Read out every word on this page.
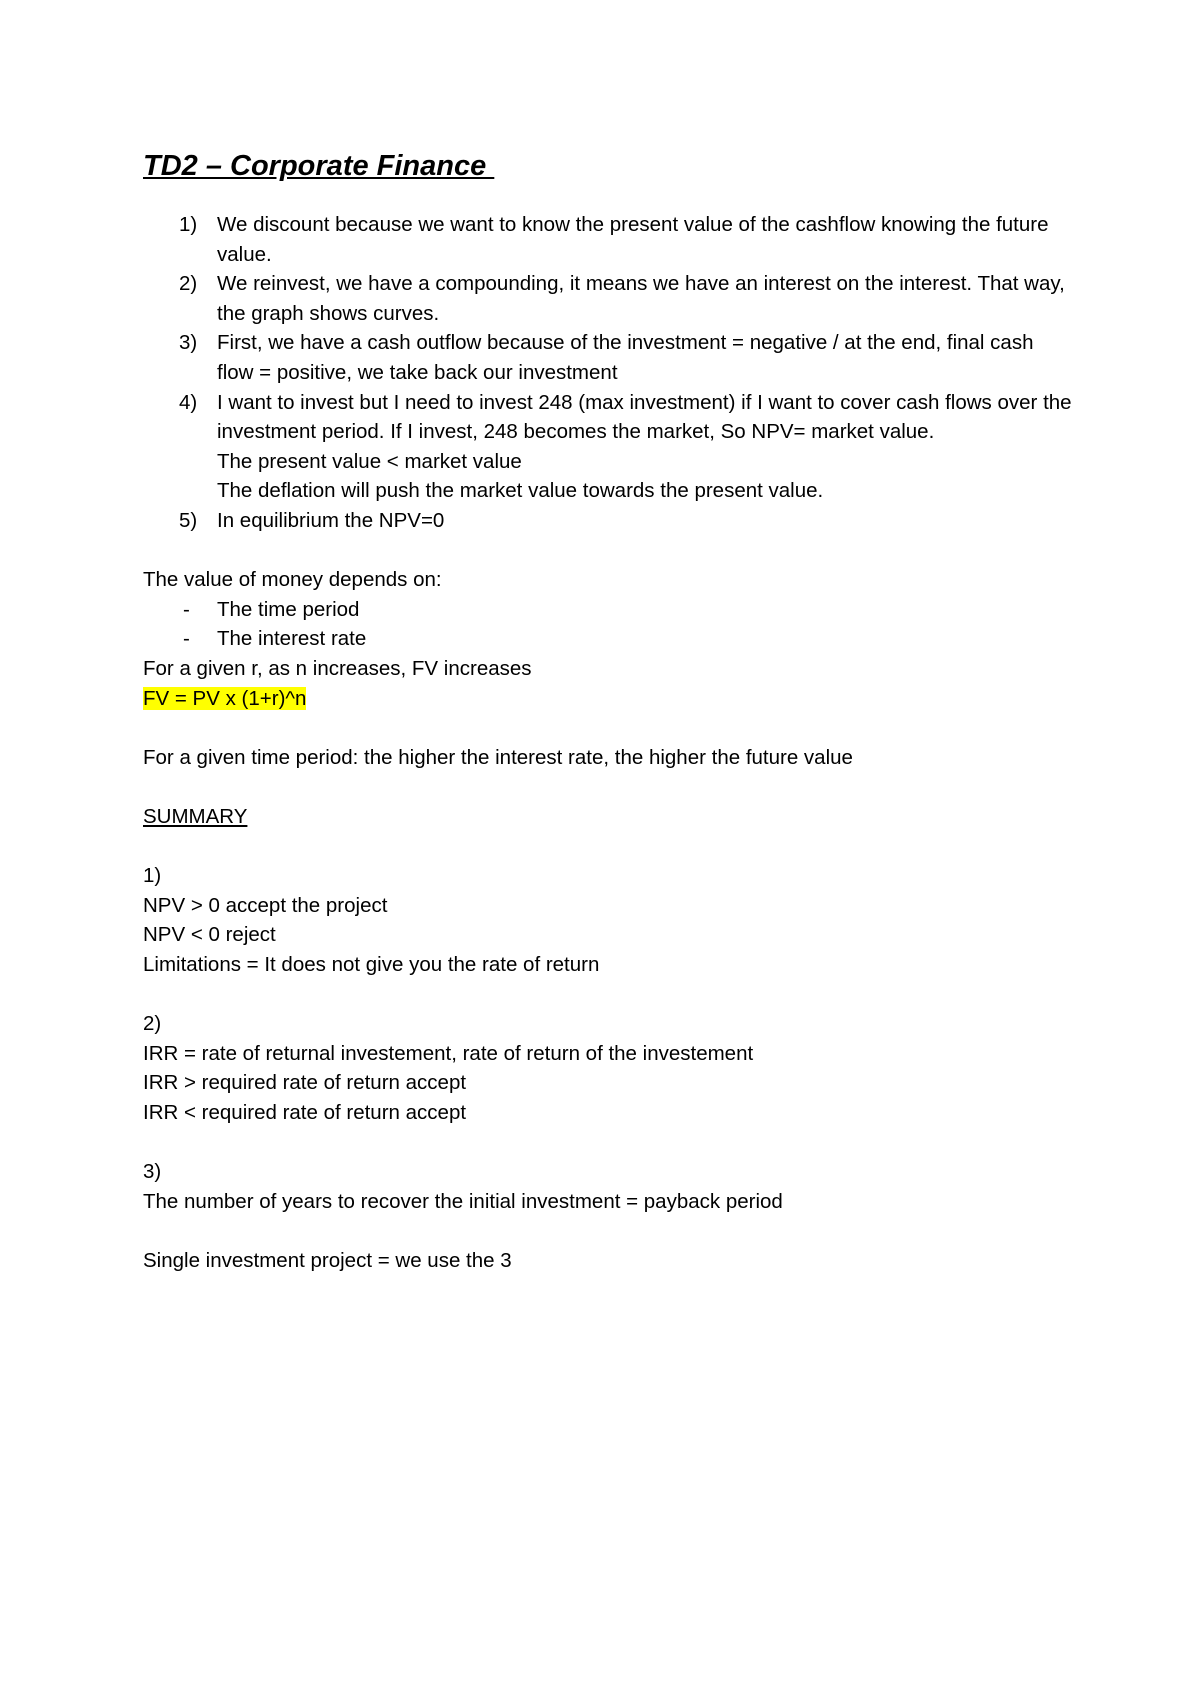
TD2 – Corporate Finance
1) We discount because we want to know the present value of the cashflow knowing the future value.
2) We reinvest, we have a compounding, it means we have an interest on the interest. That way, the graph shows curves.
3) First, we have a cash outflow because of the investment = negative / at the end, final cash flow = positive, we take back our investment
4) I want to invest but I need to invest 248 (max investment) if I want to cover cash flows over the investment period. If I invest, 248 becomes the market, So NPV= market value.

The present value < market value

The deflation will push the market value towards the present value.

5) In equilibrium the NPV=0

The value of money depends on:

- The time period
- The interest rate

For a given r, as n increases, FV increases

FV = PV x (1+r)^n

For a given time period: the higher the interest rate, the higher the future value

SUMMARY

1)

NPV > 0 accept the project

NPV < 0 reject

Limitations = It does not give you the rate of return

2)

IRR = rate of returnal investement, rate of return of the investement

IRR > required rate of return accept

IRR < required rate of return accept

3)

The number of years to recover the initial investment = payback period

Single investment project = we use the 3
